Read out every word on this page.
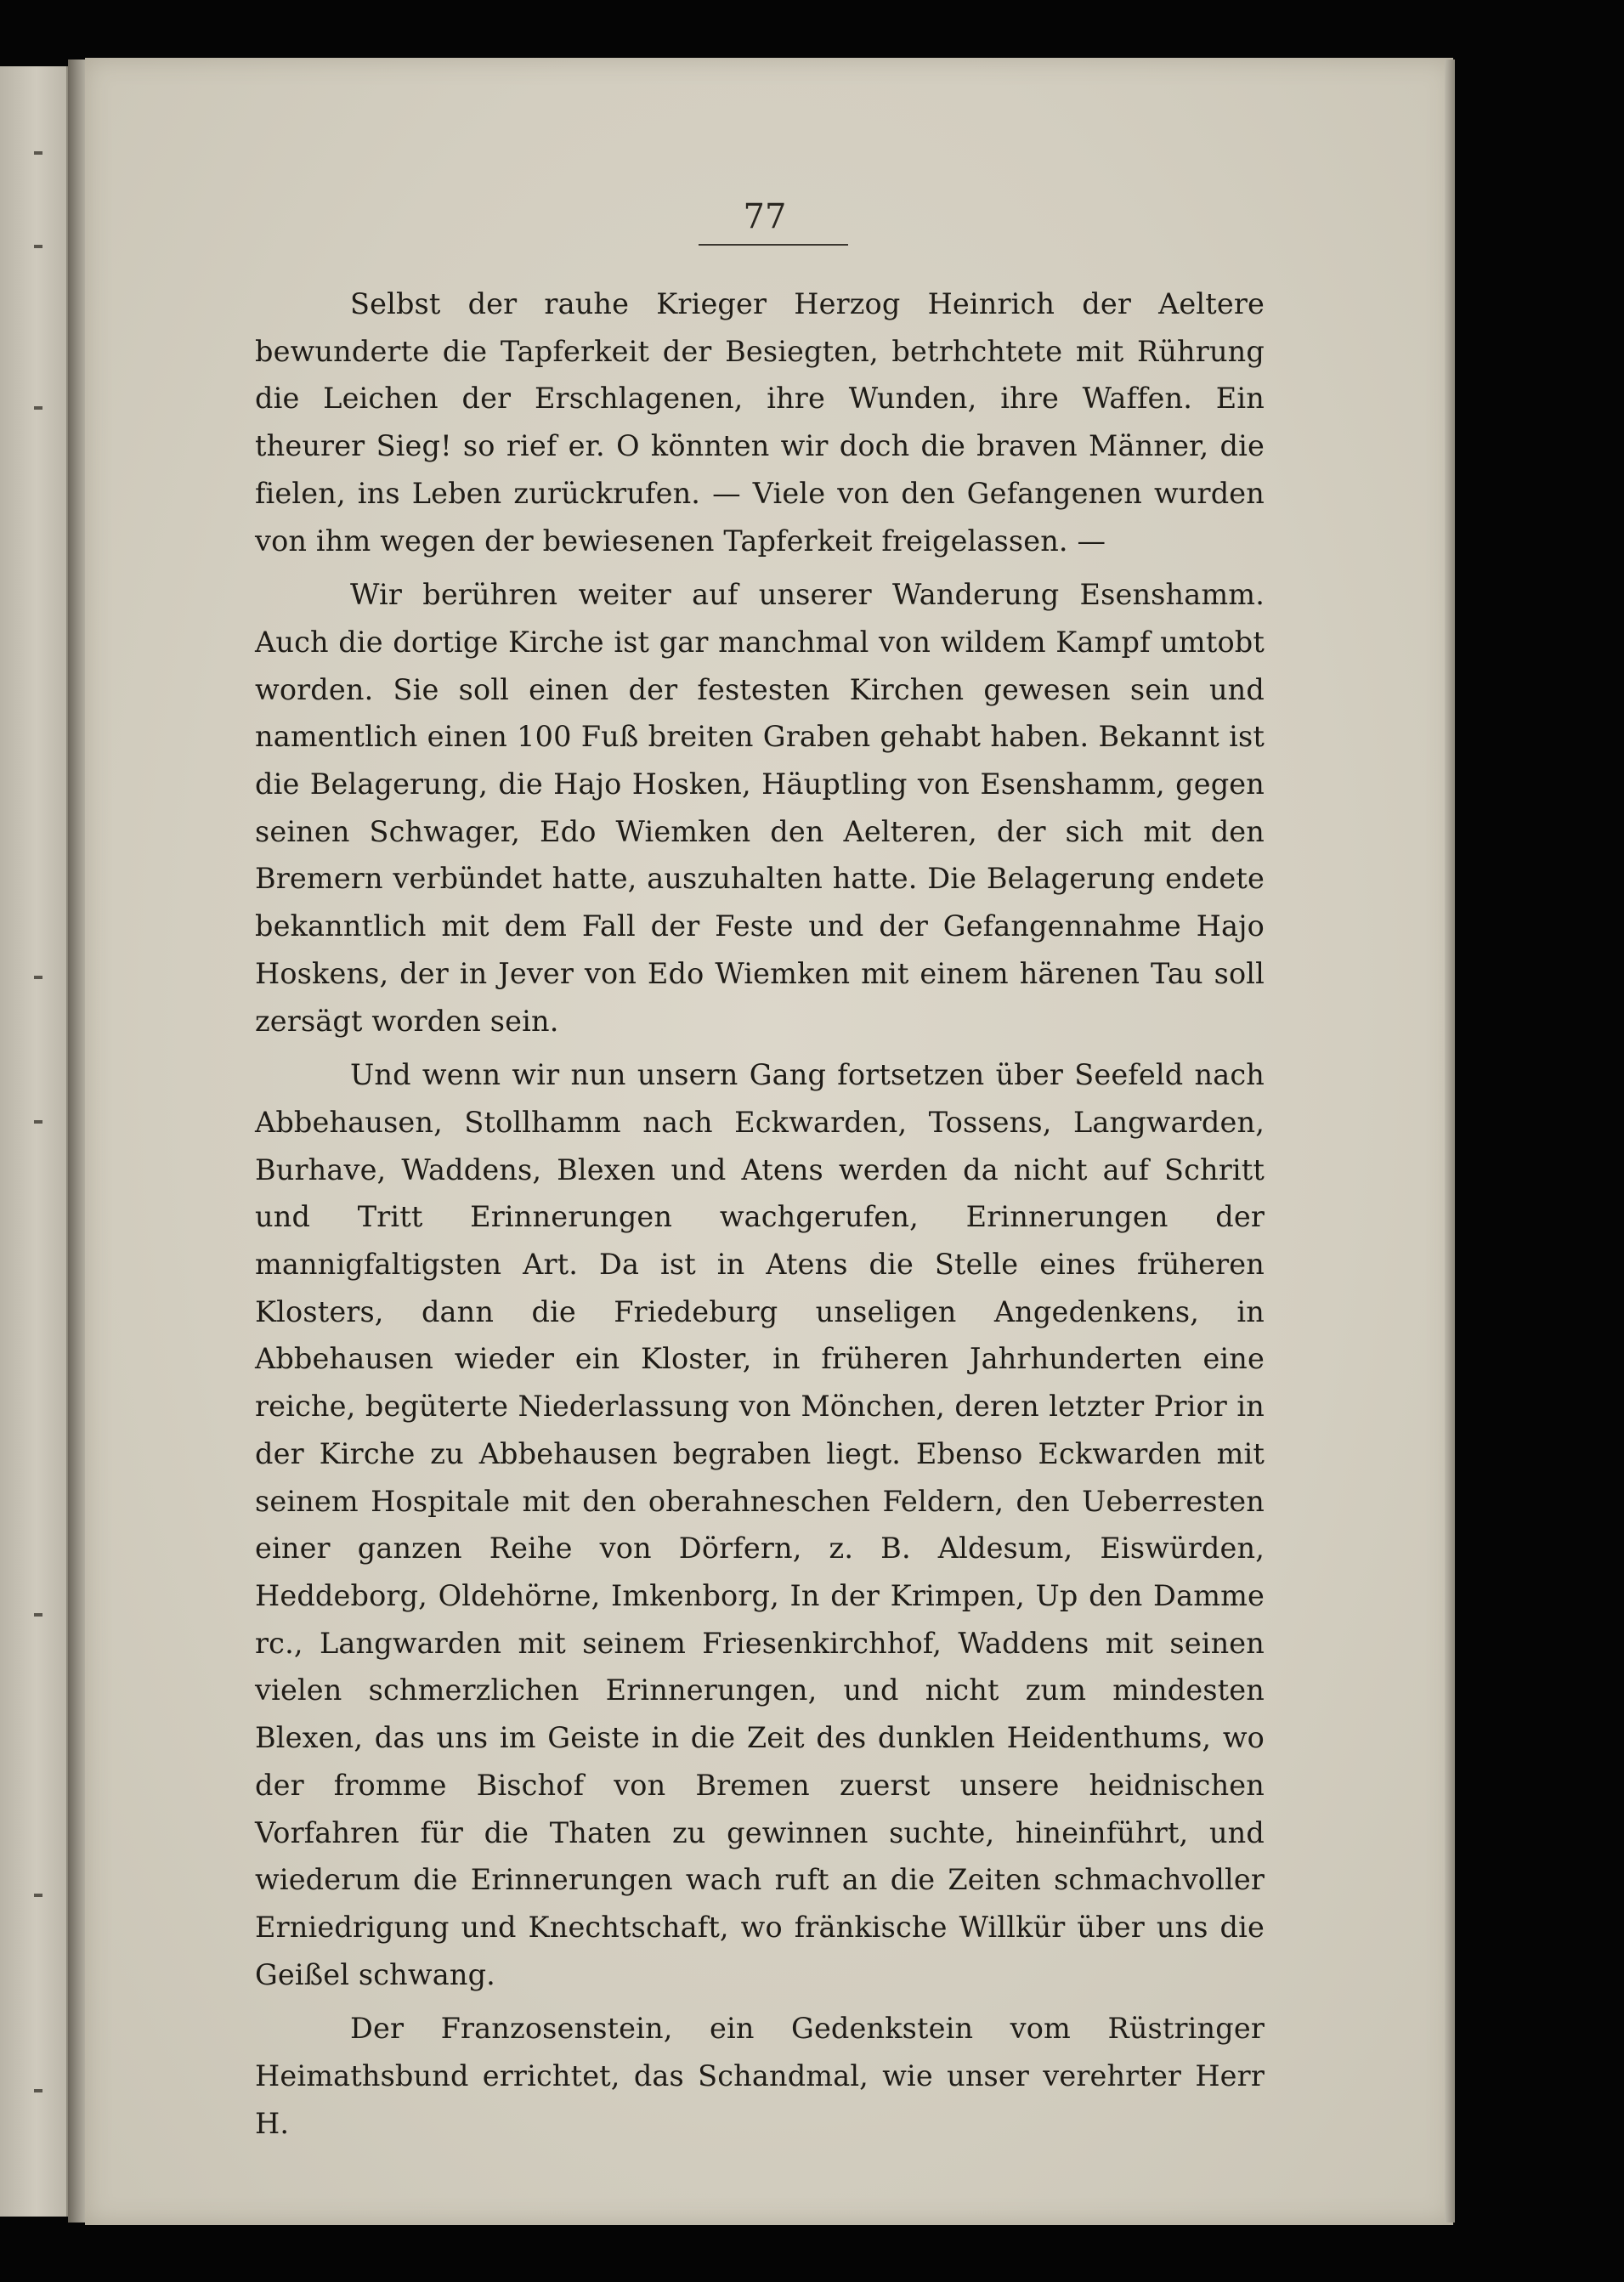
77

Selbst der rauhe Krieger Herzog Heinrich der Aeltere bewunderte die Tapferkeit der Besiegten, betrhchtete mit Rührung die Leichen der Erschlagenen, ihre Wunden, ihre Waffen. Ein theurer Sieg! so rief er. O könnten wir doch die braven Männer, die fielen, ins Leben zurückrufen. — Viele von den Gefangenen wurden von ihm wegen der bewiesenen Tapferkeit freigelassen. —

Wir berühren weiter auf unserer Wanderung Esenshamm. Auch die dortige Kirche ist gar manchmal von wildem Kampf umtobt worden. Sie soll einen der festesten Kirchen gewesen sein und namentlich einen 100 Fuß breiten Graben gehabt haben. Bekannt ist die Belagerung, die Hajo Hosken, Häuptling von Esenshamm, gegen seinen Schwager, Edo Wiemken den Aelteren, der sich mit den Bremern verbündet hatte, auszuhalten hatte. Die Belagerung endete bekanntlich mit dem Fall der Feste und der Gefangennahme Hajo Hoskens, der in Jever von Edo Wiemken mit einem härenen Tau soll zersägt worden sein.

Und wenn wir nun unsern Gang fortsetzen über Seefeld nach Abbehausen, Stollhamm nach Eckwarden, Tossens, Langwarden, Burhave, Waddens, Blexen und Atens werden da nicht auf Schritt und Tritt Erinnerungen wachgerufen, Erinnerungen der mannigfaltigsten Art. Da ist in Atens die Stelle eines früheren Klosters, dann die Friedeburg unseligen Angedenkens, in Abbehausen wieder ein Kloster, in früheren Jahrhunderten eine reiche, begüterte Niederlassung von Mönchen, deren letzter Prior in der Kirche zu Abbehausen begraben liegt. Ebenso Eckwarden mit seinem Hospitale mit den oberahneschen Feldern, den Ueberresten einer ganzen Reihe von Dörfern, z. B. Aldesum, Eiswürden, Heddeborg, Oldehörne, Imkenborg, In der Krimpen, Up den Damme rc., Langwarden mit seinem Friesenkirchhof, Waddens mit seinen vielen schmerzlichen Erinnerungen, und nicht zum mindesten Blexen, das uns im Geiste in die Zeit des dunklen Heidenthums, wo der fromme Bischof von Bremen zuerst unsere heidnischen Vorfahren für die Thaten zu gewinnen suchte, hineinführt, und wiederum die Erinnerungen wach ruft an die Zeiten schmachvoller Erniedrigung und Knechtschaft, wo fränkische Willkür über uns die Geißel schwang.

Der Franzosenstein, ein Gedenkstein vom Rüstringer Heimathsbund errichtet, das Schandmal, wie unser verehrter Herr H.
